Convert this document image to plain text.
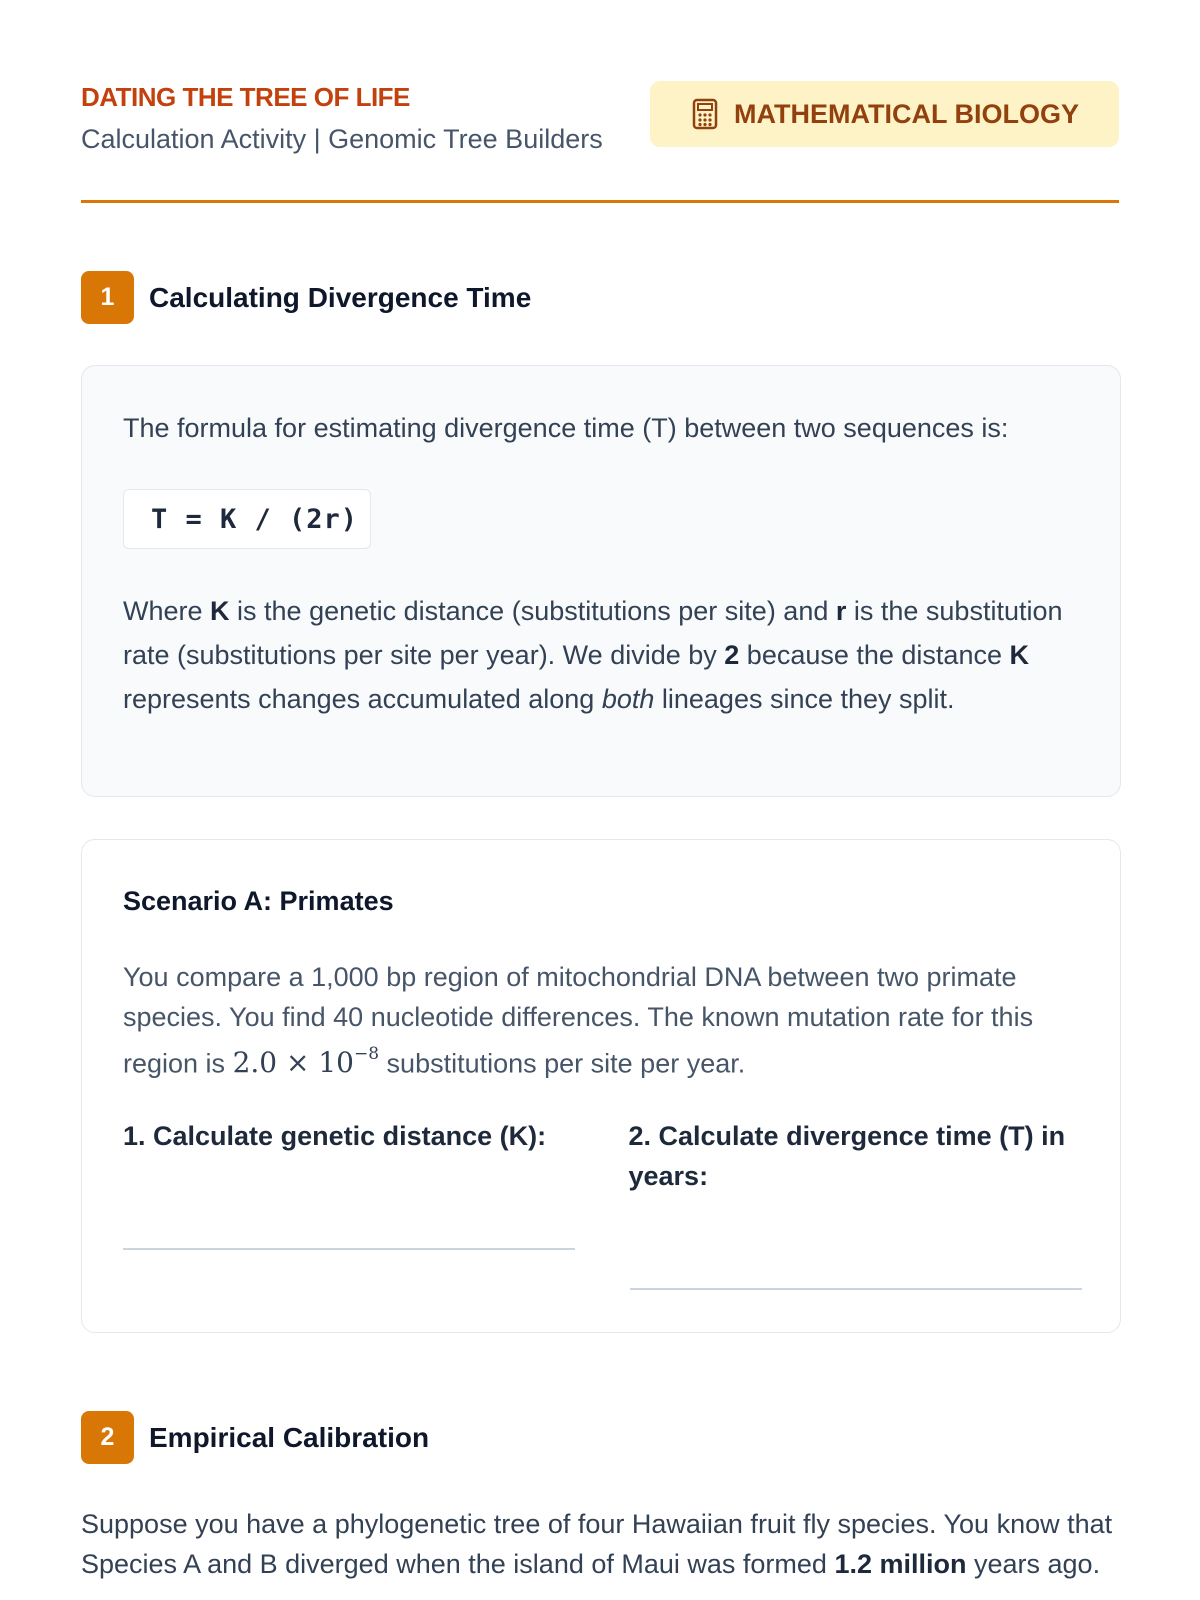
DATING THE TREE OF LIFE
Calculation Activity | Genomic Tree Builders
MATHEMATICAL BIOLOGY
1	Calculating Divergence Time
The formula for estimating divergence time (T) between two sequences is:
T = K / (2r)
Where K is the genetic distance (substitutions per site) and r is the substitution rate (substitutions per site per year). We divide by 2 because the distance K represents changes accumulated along both lineages since they split.
Scenario A: Primates
You compare a 1,000 bp region of mitochondrial DNA between two primate species. You find 40 nucleotide differences. The known mutation rate for this region is $2.0 \times 10^{-8}$ substitutions per site per year.
1. Calculate genetic distance (K):	2. Calculate divergence time (T) in years:
2	Empirical Calibration
Suppose you have a phylogenetic tree of four Hawaiian fruit fly species. You know that Species A and B diverged when the island of Maui was formed 1.2 million years ago.
